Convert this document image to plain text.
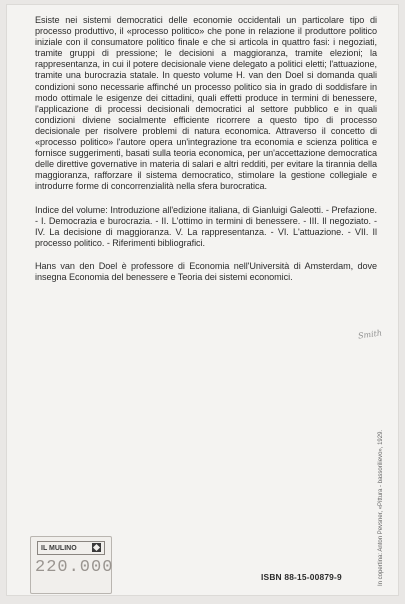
Esiste nei sistemi democratici delle economie occidentali un particolare tipo di processo produttivo, il «processo politico» che pone in relazione il produttore politico iniziale con il consumatore politico finale e che si articola in quattro fasi: i negoziati, tramite gruppi di pressione; le decisioni a maggioranza, tramite elezioni; la rappresentanza, in cui il potere decisionale viene delegato a politici eletti; l'attuazione, tramite una burocrazia statale. In questo volume H. van den Doel si domanda quali condizioni sono necessarie affinché un processo politico sia in grado di soddisfare in modo ottimale le esigenze dei cittadini, quali effetti produce in termini di benessere, l'applicazione di processi decisionali democratici al settore pubblico e in quali condizioni diviene socialmente efficiente ricorrere a questo tipo di processo decisionale per risolvere problemi di natura economica. Attraverso il concetto di «processo politico» l'autore opera un'integrazione tra economia e scienza politica e fornisce suggerimenti, basati sulla teoria economica, per un'accettazione democratica delle direttive governative in materia di salari e altri redditi, per evitare la tirannia della maggioranza, rafforzare il sistema democratico, stimolare la gestione collegiale e introdurre forme di concorrenzialità nella sfera burocratica.

Indice del volume: Introduzione all'edizione italiana, di Gianluigi Galeotti. - Prefazione. - I. Democrazia e burocrazia. - II. L'ottimo in termini di benessere. - III. Il negoziato. - IV. La decisione di maggioranza. V. La rappresentanza. - VI. L'attuazione. - VII. Il processo politico. - Riferimenti bibliografici.

Hans van den Doel è professore di Economia nell'Università di Amsterdam, dove insegna Economia del benessere e Teoria dei sistemi economici.

Smith
In copertina: Anton Pevsner, «Pittura - bassorilievo», 1929.
IL MULINO
220.000	ISBN 88-15-00879-9
